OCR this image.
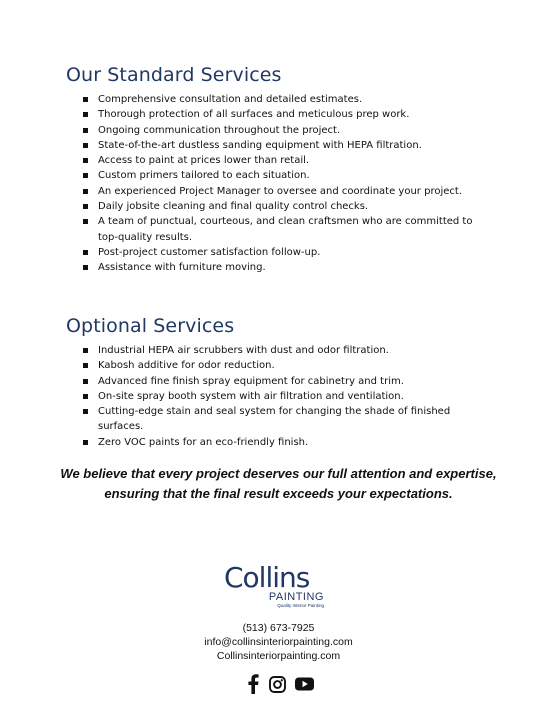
Our Standard Services
Comprehensive consultation and detailed estimates.
Thorough protection of all surfaces and meticulous prep work.
Ongoing communication throughout the project.
State-of-the-art dustless sanding equipment with HEPA filtration.
Access to paint at prices lower than retail.
Custom primers tailored to each situation.
An experienced Project Manager to oversee and coordinate your project.
Daily jobsite cleaning and final quality control checks.
A team of punctual, courteous, and clean craftsmen who are committed to top-quality results.
Post-project customer satisfaction follow-up.
Assistance with furniture moving.
Optional Services
Industrial HEPA air scrubbers with dust and odor filtration.
Kabosh additive for odor reduction.
Advanced fine finish spray equipment for cabinetry and trim.
On-site spray booth system with air filtration and ventilation.
Cutting-edge stain and seal system for changing the shade of finished surfaces.
Zero VOC paints for an eco-friendly finish.

We believe that every project deserves our full attention and expertise,
ensuring that the final result exceeds your expectations.

Collins
PAINTING
Quality Interior Painting
(513) 673-7925
info@collinsinteriorpainting.com
Collinsinteriorpainting.com
